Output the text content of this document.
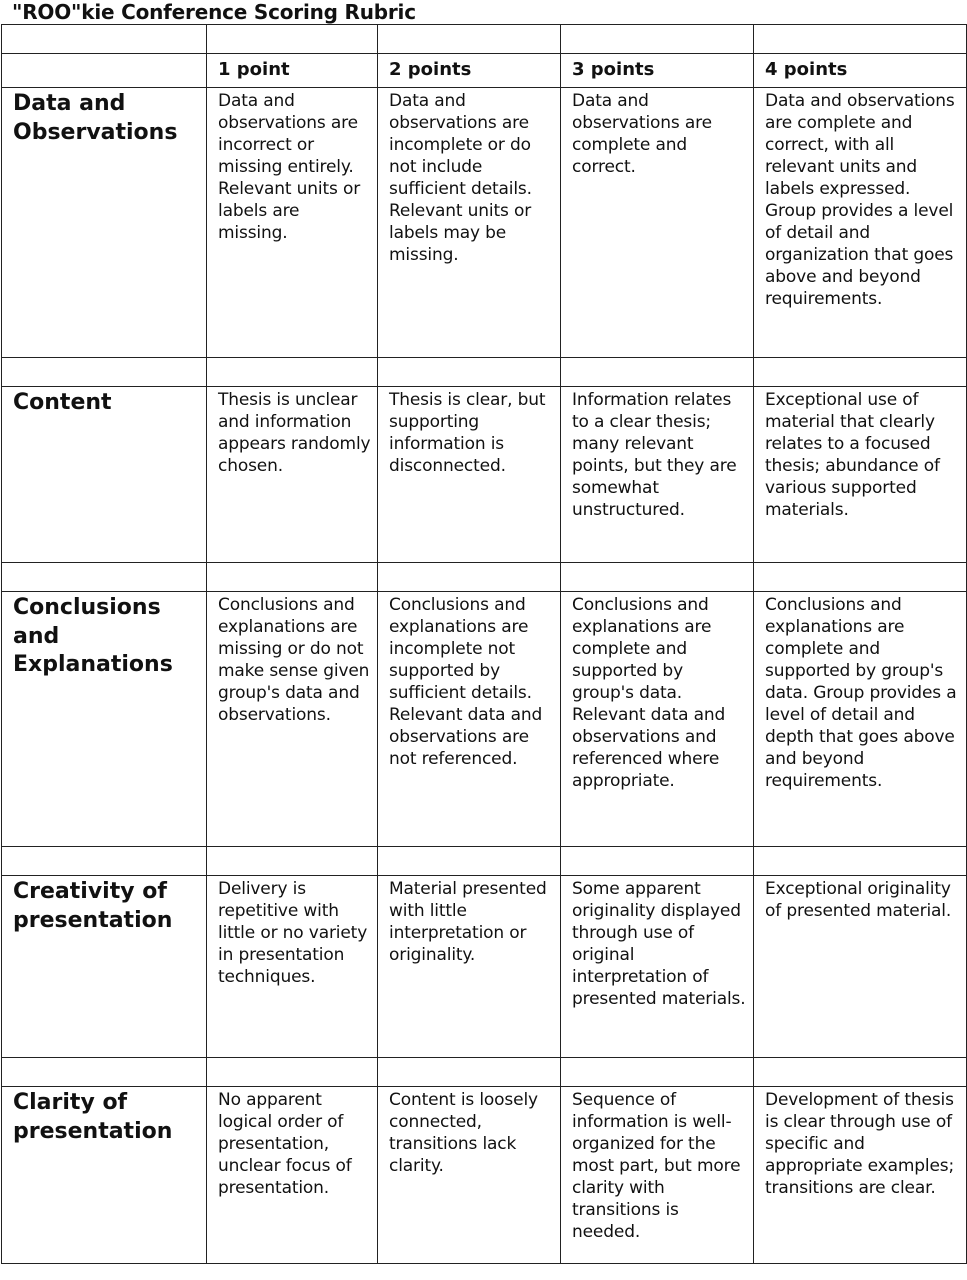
"ROO"kie Conference Scoring Rubric

	1 point	2 points	3 points	4 points

Data and Observations	Data and observations are incorrect or missing entirely. Relevant units or labels are missing.	Data and observations are incomplete or do not include sufficient details. Relevant units or labels may be missing.	Data and observations are complete and correct.	Data and observations are complete and correct, with all relevant units and labels expressed. Group provides a level of detail and organization that goes above and beyond requirements.

Content	Thesis is unclear and information appears randomly chosen.	Thesis is clear, but supporting information is disconnected.	Information relates to a clear thesis; many relevant points, but they are somewhat unstructured.	Exceptional use of material that clearly relates to a focused thesis; abundance of various supported materials.

Conclusions and Explanations	Conclusions and explanations are missing or do not make sense given group's data and observations.	Conclusions and explanations are incomplete not supported by sufficient details. Relevant data and observations are not referenced.	Conclusions and explanations are complete and supported by group's data. Relevant data and observations and referenced where appropriate.	Conclusions and explanations are complete and supported by group's data. Group provides a level of detail and depth that goes above and beyond requirements.

Creativity of presentation	Delivery is repetitive with little or no variety in presentation techniques.	Material presented with little interpretation or originality.	Some apparent originality displayed through use of original interpretation of presented materials.	Exceptional originality of presented material.

Clarity of presentation	No apparent logical order of presentation, unclear focus of presentation.	Content is loosely connected, transitions lack clarity.	Sequence of information is well-organized for the most part, but more clarity with transitions is needed.	Development of thesis is clear through use of specific and appropriate examples; transitions are clear.
